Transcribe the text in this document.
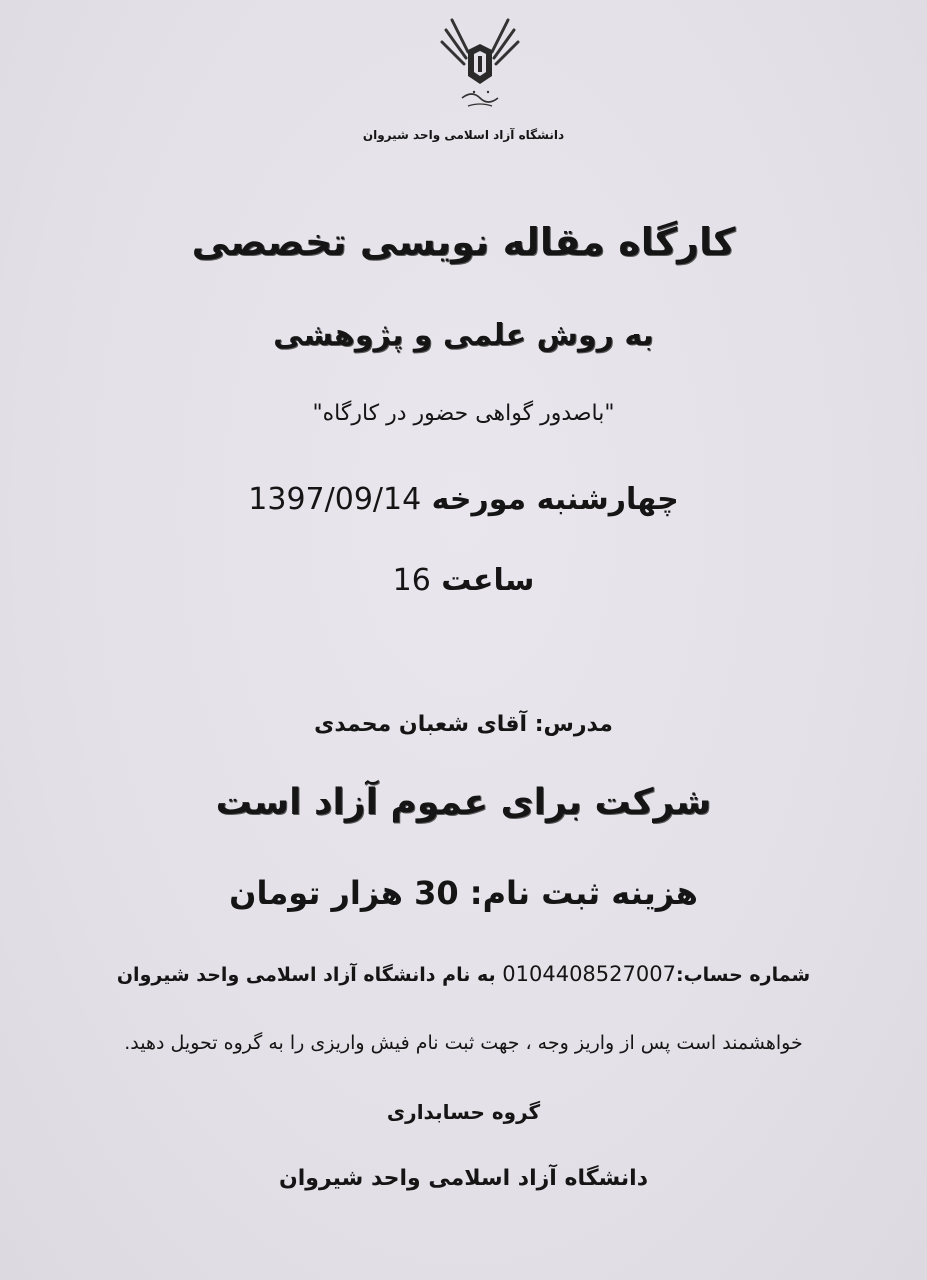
دانشگاه آزاد اسلامی واحد شیروان
کارگاه مقاله نویسی تخصصی
به روش علمی و پژوهشی
"باصدور گواهی حضور در کارگاه"
چهارشنبه مورخه 1397/09/14
ساعت 16
مدرس: آقای شعبان محمدی
شرکت برای عموم آزاد است
هزینه ثبت نام: 30 هزار تومان
شماره حساب:0104408527007 به نام دانشگاه آزاد اسلامی واحد شیروان
خواهشمند است پس از واریز وجه ، جهت ثبت نام فیش واریزی را به گروه تحویل دهید.
گروه حسابداری
دانشگاه آزاد اسلامی واحد شیروان
